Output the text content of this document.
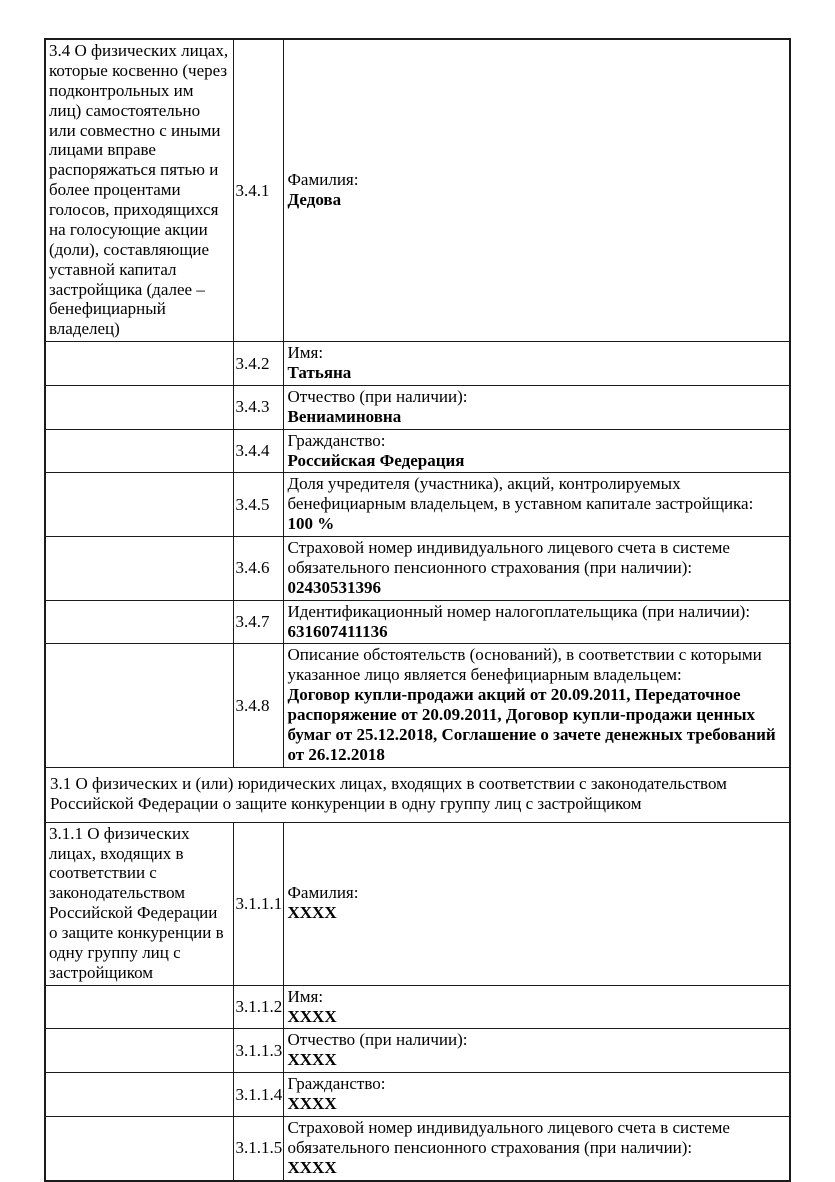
3.4 О физических лицах, которые косвенно (через подконтрольных им лиц) самостоятельно или совместно с иными лицами вправе распоряжаться пятью и более процентами голосов, приходящихся на голосующие акции (доли), составляющие уставной капитал застройщика (далее – бенефициарный владелец)	3.4.1	Фамилия:
Дедова

	3.4.2	Имя:
Татьяна

	3.4.3	Отчество (при наличии):
Вениаминовна

	3.4.4	Гражданство:
Российская Федерация

	3.4.5	Доля учредителя (участника), акций, контролируемых бенефициарным владельцем, в уставном капитале застройщика:
100 %

	3.4.6	Страховой номер индивидуального лицевого счета в системе обязательного пенсионного страхования (при наличии):
02430531396

	3.4.7	Идентификационный номер налогоплательщика (при наличии):
631607411136

	3.4.8	Описание обстоятельств (оснований), в соответствии с которыми указанное лицо является бенефициарным владельцем:
Договор купли-продажи акций от 20.09.2011, Передаточное распоряжение от 20.09.2011, Договор купли-продажи ценных бумаг от 25.12.2018, Соглашение о зачете денежных требований от 26.12.2018

3.1 О физических и (или) юридических лицах, входящих в соответствии с законодательством Российской Федерации о защите конкуренции в одну группу лиц с застройщиком		
3.1.1 О физических лицах, входящих в соответствии с законодательством Российской Федерации о защите конкуренции в одну группу лиц с застройщиком	3.1.1.1	Фамилия:
ХХХХ

	3.1.1.2	Имя:
ХХХХ

	3.1.1.3	Отчество (при наличии):
ХХХХ

	3.1.1.4	Гражданство:
ХХХХ

	3.1.1.5	Страховой номер индивидуального лицевого счета в системе обязательного пенсионного страхования (при наличии):
ХХХХ
